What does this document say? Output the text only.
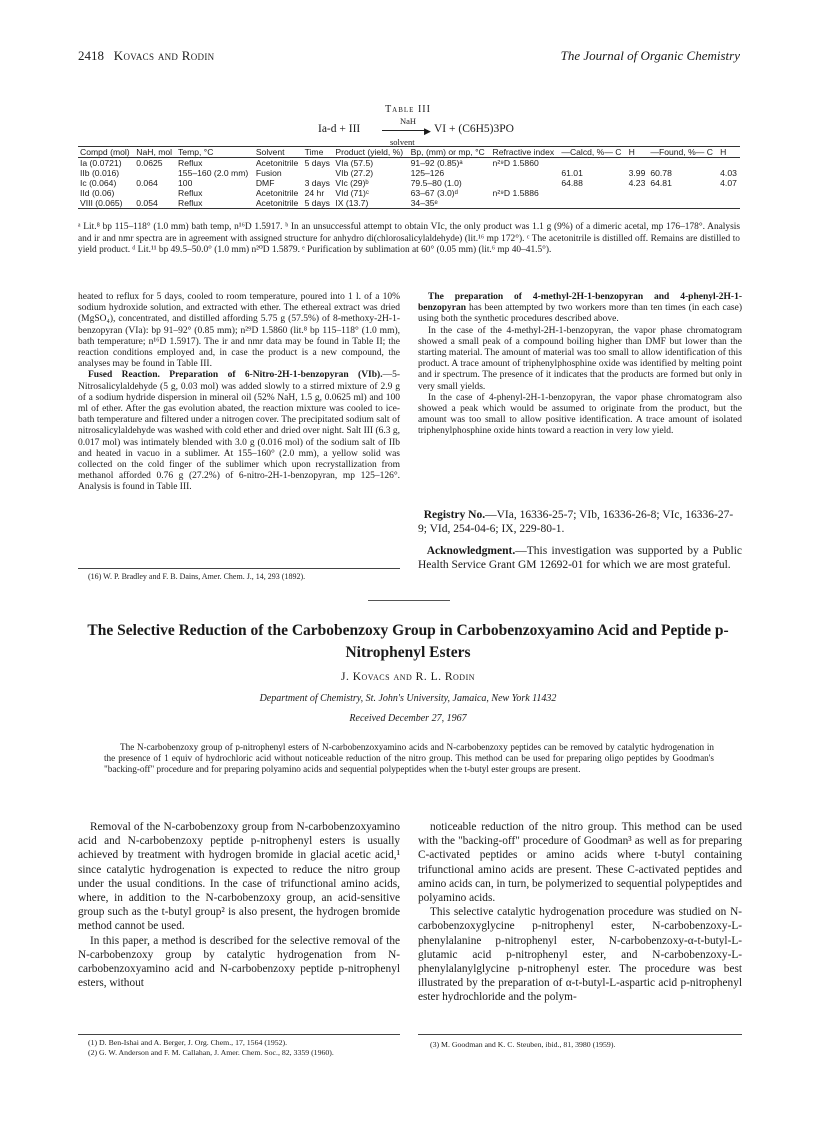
2418 Kovacs and Rodin	The Journal of Organic Chemistry
Table III
NaH
Ia-d + III	▶
solvent
VI + (C6H5)3PO
Compd (mol)	NaH, mol	Temp, °C	Solvent	Time	Product (yield, %)	Bp, (mm) or mp, °C	Refractive index	—Calcd, %— C	H	—Found, %— C	H
Ia (0.0721)	0.0625	Reflux	Acetonitrile	5 days	VIa (57.5)	91–92 (0.85)ᵃ	n²⁹D 1.5860				
IIb (0.016)		155–160 (2.0 mm)	Fusion		VIb (27.2)	125–126		61.01	3.99	60.78	4.03
Ic (0.064)	0.064	100	DMF	3 days	VIc (29)ᵇ	79.5–80 (1.0)		64.88	4.23	64.81	4.07
IId (0.06)		Reflux	Acetonitrile	24 hr	VId (71)ᶜ	63–67 (3.0)ᵈ	n²⁹D 1.5886				
VIII (0.065)	0.054	Reflux	Acetonitrile	5 days	IX (13.7)	34–35ᵉ					
ᵃ Lit.⁸ bp 115–118° (1.0 mm) bath temp, n¹⁶D 1.5917. ᵇ In an unsuccessful attempt to obtain VIc, the only product was 1.1 g (9%) of a dimeric acetal, mp 176–178°. Analysis and ir and nmr spectra are in agreement with assigned structure for anhydro di(chlorosalicylaldehyde) (lit.¹⁶ mp 172°). ᶜ The acetonitrile is distilled off. Remains are distilled to yield product. ᵈ Lit.¹¹ bp 49.5–50.0° (1.0 mm) n²⁰D 1.5879. ᵉ Purification by sublimation at 60° (0.05 mm) (lit.⁶ mp 40–41.5°).

heated to reflux for 5 days, cooled to room temperature, poured into 1 l. of a 10% sodium hydroxide solution, and extracted with ether. The ethereal extract was dried (MgSO₄), concentrated, and distilled affording 5.75 g (57.5%) of 8-methoxy-2H-1-benzopyran (VIa): bp 91–92° (0.85 mm); n²⁹D 1.5860 (lit.⁸ bp 115–118° (1.0 mm), bath temperature; n¹⁶D 1.5917). The ir and nmr data may be found in Table II; the reaction conditions employed and, in case the product is a new compound, the analyses may be found in Table III.

Fused Reaction. Preparation of 6-Nitro-2H-1-benzopyran (VIb).—5-Nitrosalicylaldehyde (5 g, 0.03 mol) was added slowly to a stirred mixture of 2.9 g of a sodium hydride dispersion in mineral oil (52% NaH, 1.5 g, 0.0625 ml) and 100 ml of ether. After the gas evolution abated, the reaction mixture was cooled to ice-bath temperature and filtered under a nitrogen cover. The precipitated sodium salt of nitrosalicylaldehyde was washed with cold ether and dried over night. Salt III (6.3 g, 0.017 mol) was intimately blended with 3.0 g (0.016 mol) of the sodium salt of IIb and heated in vacuo in a sublimer. At 155–160° (2.0 mm), a yellow solid was collected on the cold finger of the sublimer which upon recrystallization from methanol afforded 0.76 g (27.2%) of 6-nitro-2H-1-benzopyran, mp 125–126°. Analysis is found in Table III.

(16) W. P. Bradley and F. B. Dains, Amer. Chem. J., 14, 293 (1892).

The preparation of 4-methyl-2H-1-benzopyran and 4-phenyl-2H-1-benzopyran has been attempted by two workers more than ten times (in each case) using both the synthetic procedures described above.

In the case of the 4-methyl-2H-1-benzopyran, the vapor phase chromatogram showed a small peak of a compound boiling higher than DMF but lower than the starting material. The amount of material was too small to allow identification of this product. A trace amount of triphenylphosphine oxide was identified by melting point and ir spectrum. The presence of it indicates that the products are formed but only in very small yields.

In the case of 4-phenyl-2H-1-benzopyran, the vapor phase chromatogram also showed a peak which would be assumed to originate from the product, but the amount was too small to allow positive identification. A trace amount of isolated triphenylphosphine oxide hints toward a reaction in very low yield.

Registry No.—VIa, 16336-25-7; VIb, 16336-26-8; VIc, 16336-27-9; VId, 254-04-6; IX, 229-80-1.
Acknowledgment.—This investigation was supported by a Public Health Service Grant GM 12692-01 for which we are most grateful.
The Selective Reduction of the Carbobenzoxy Group in Carbobenzoxyamino Acid and Peptide p-Nitrophenyl Esters
J. Kovacs and R. L. Rodin
Department of Chemistry, St. John's University, Jamaica, New York 11432
Received December 27, 1967
The N-carbobenzoxy group of p-nitrophenyl esters of N-carbobenzoxyamino acids and N-carbobenzoxy peptides can be removed by catalytic hydrogenation in the presence of 1 equiv of hydrochloric acid without noticeable reduction of the nitro group. This method can be used for preparing oligo peptides by Goodman's "backing-off" procedure and for preparing polyamino acids and sequential polypeptides when the t-butyl ester groups are present.

Removal of the N-carbobenzoxy group from N-carbobenzoxyamino acid and N-carbobenzoxy peptide p-nitrophenyl esters is usually achieved by treatment with hydrogen bromide in glacial acetic acid,¹ since catalytic hydrogenation is expected to reduce the nitro group under the usual conditions. In the case of trifunctional amino acids, where, in addition to the N-carbobenzoxy group, an acid-sensitive group such as the t-butyl group² is also present, the hydrogen bromide method cannot be used.

In this paper, a method is described for the selective removal of the N-carbobenzoxy group by catalytic hydrogenation from N-carbobenzoxyamino acid and N-carbobenzoxy peptide p-nitrophenyl esters, without

noticeable reduction of the nitro group. This method can be used with the "backing-off" procedure of Goodman³ as well as for preparing C-activated peptides or amino acids where t-butyl containing trifunctional amino acids are present. These C-activated peptides and amino acids can, in turn, be polymerized to sequential polypeptides and polyamino acids.

This selective catalytic hydrogenation procedure was studied on N-carbobenzoxyglycine p-nitrophenyl ester, N-carbobenzoxy-L-phenylalanine p-nitrophenyl ester, N-carbobenzoxy-α-t-butyl-L-glutamic acid p-nitrophenyl ester, and N-carbobenzoxy-L-phenylalanylglycine p-nitrophenyl ester. The procedure was best illustrated by the preparation of α-t-butyl-L-aspartic acid p-nitrophenyl ester hydrochloride and the polym-

(1) D. Ben-Ishai and A. Berger, J. Org. Chem., 17, 1564 (1952).
(2) G. W. Anderson and F. M. Callahan, J. Amer. Chem. Soc., 82, 3359 (1960).
(3) M. Goodman and K. C. Steuben, ibid., 81, 3980 (1959).
